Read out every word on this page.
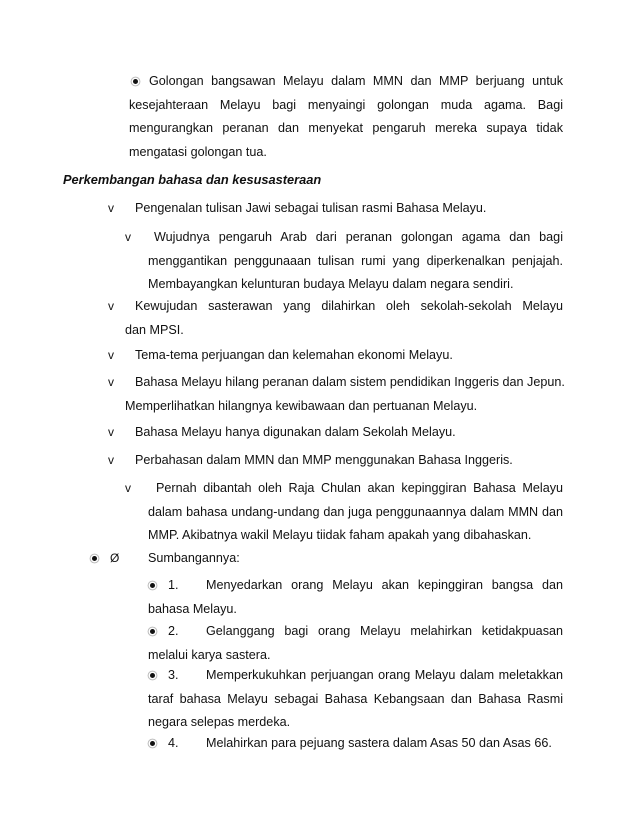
Golongan bangsawan Melayu dalam MMN dan MMP berjuang untuk
kesejahteraan Melayu bagi menyaingi golongan muda agama. Bagi
mengurangkan peranan dan menyekat pengaruh mereka supaya tidak
mengatasi golongan tua.
Perkembangan bahasa dan kesusasteraan
v Pengenalan tulisan Jawi sebagai tulisan rasmi Bahasa Melayu.
v Wujudnya pengaruh Arab dari peranan golongan agama dan bagi
menggantikan penggunaaan tulisan rumi yang diperkenalkan penjajah.
Membayangkan kelunturan budaya Melayu dalam negara sendiri.
v	Kewujudan sasterawan yang dilahirkan oleh sekolah-sekolah Melayu
dan MPSI.
v Tema-tema perjuangan dan kelemahan ekonomi Melayu.
v	Bahasa Melayu hilang peranan dalam sistem pendidikan Inggeris dan Jepun.
Memperlihatkan hilangnya kewibawaan dan pertuanan Melayu.
v Bahasa Melayu hanya digunakan dalam Sekolah Melayu.
v Perbahasan dalam MMN dan MMP menggunakan Bahasa Inggeris.
v	Pernah dibantah oleh Raja Chulan akan kepinggiran Bahasa Melayu
dalam bahasa undang-undang dan juga penggunaannya dalam MMN dan
MMP. Akibatnya wakil Melayu tiidak faham apakah yang dibahaskan.
Ø Sumbangannya:
1. Menyedarkan orang Melayu akan kepinggiran bangsa dan
bahasa Melayu.
2. Gelanggang bagi orang Melayu melahirkan ketidakpuasan
melalui karya sastera.
3. Memperkukuhkan perjuangan orang Melayu dalam meletakkan
taraf bahasa Melayu sebagai Bahasa Kebangsaan dan Bahasa Rasmi
negara selepas merdeka.
4. Melahirkan para pejuang sastera dalam Asas 50 dan Asas 66.
